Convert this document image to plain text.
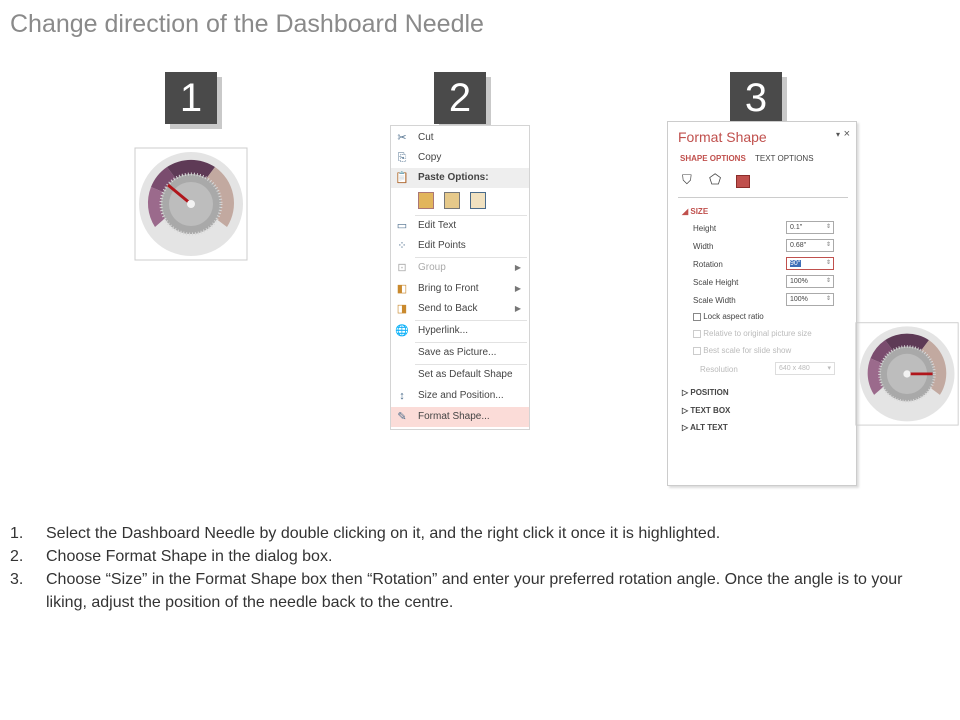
Change direction of the Dashboard Needle
1	2	3
✂ Cut
⎘ Copy
📋 Paste Options:
▭ Edit Text
⁘ Edit Points
⊡ Group	▶
◧ Bring to Front	▶
◨ Send to Back	▶
🌐 Hyperlink...
Save as Picture...
Set as Default Shape
↕	Size and Position...
✎ Format Shape...
Format Shape	▾ ×
SHAPE OPTIONS TEXT OPTIONS
⛉ ⬠
◢ SIZE
Height	0.1"	⇕
Width	0.68"	⇕
Rotation	90°	⇕
Scale Height	100%	⇕
Scale Width	100%	⇕
Lock aspect ratio
Relative to original picture size
Best scale for slide show
Resolution	640 x 480	▾
▷ POSITION
▷ TEXT BOX
▷ ALT TEXT
1. Select the Dashboard Needle by double clicking on it, and the right click it once it is highlighted.
2. Choose Format Shape in the dialog box.
3. Choose “Size” in the Format Shape box then “Rotation” and enter your preferred rotation angle. Once the angle is to your liking, adjust the position of the needle back to the centre.
